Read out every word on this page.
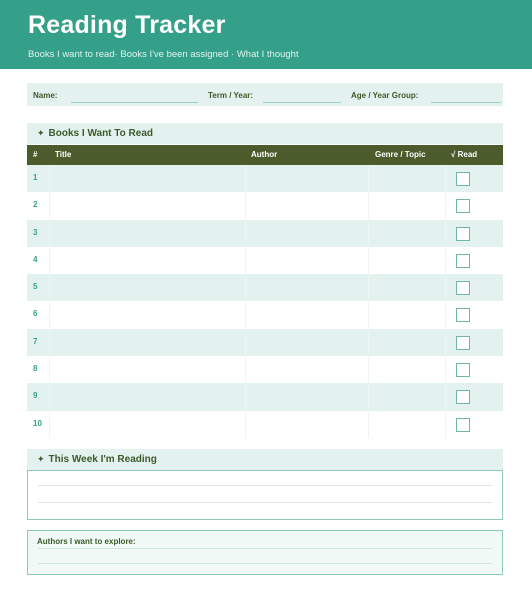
Reading Tracker
Books I want to read· Books I've been assigned · What I thought
Name:	Term / Year:	Age / Year Group:
✦ Books I Want To Read
# Title	Author	Genre / Topic	√ Read
1
2
3
4
5
6
7
8
9
10
✦ This Week I'm Reading
Authors I want to explore:
